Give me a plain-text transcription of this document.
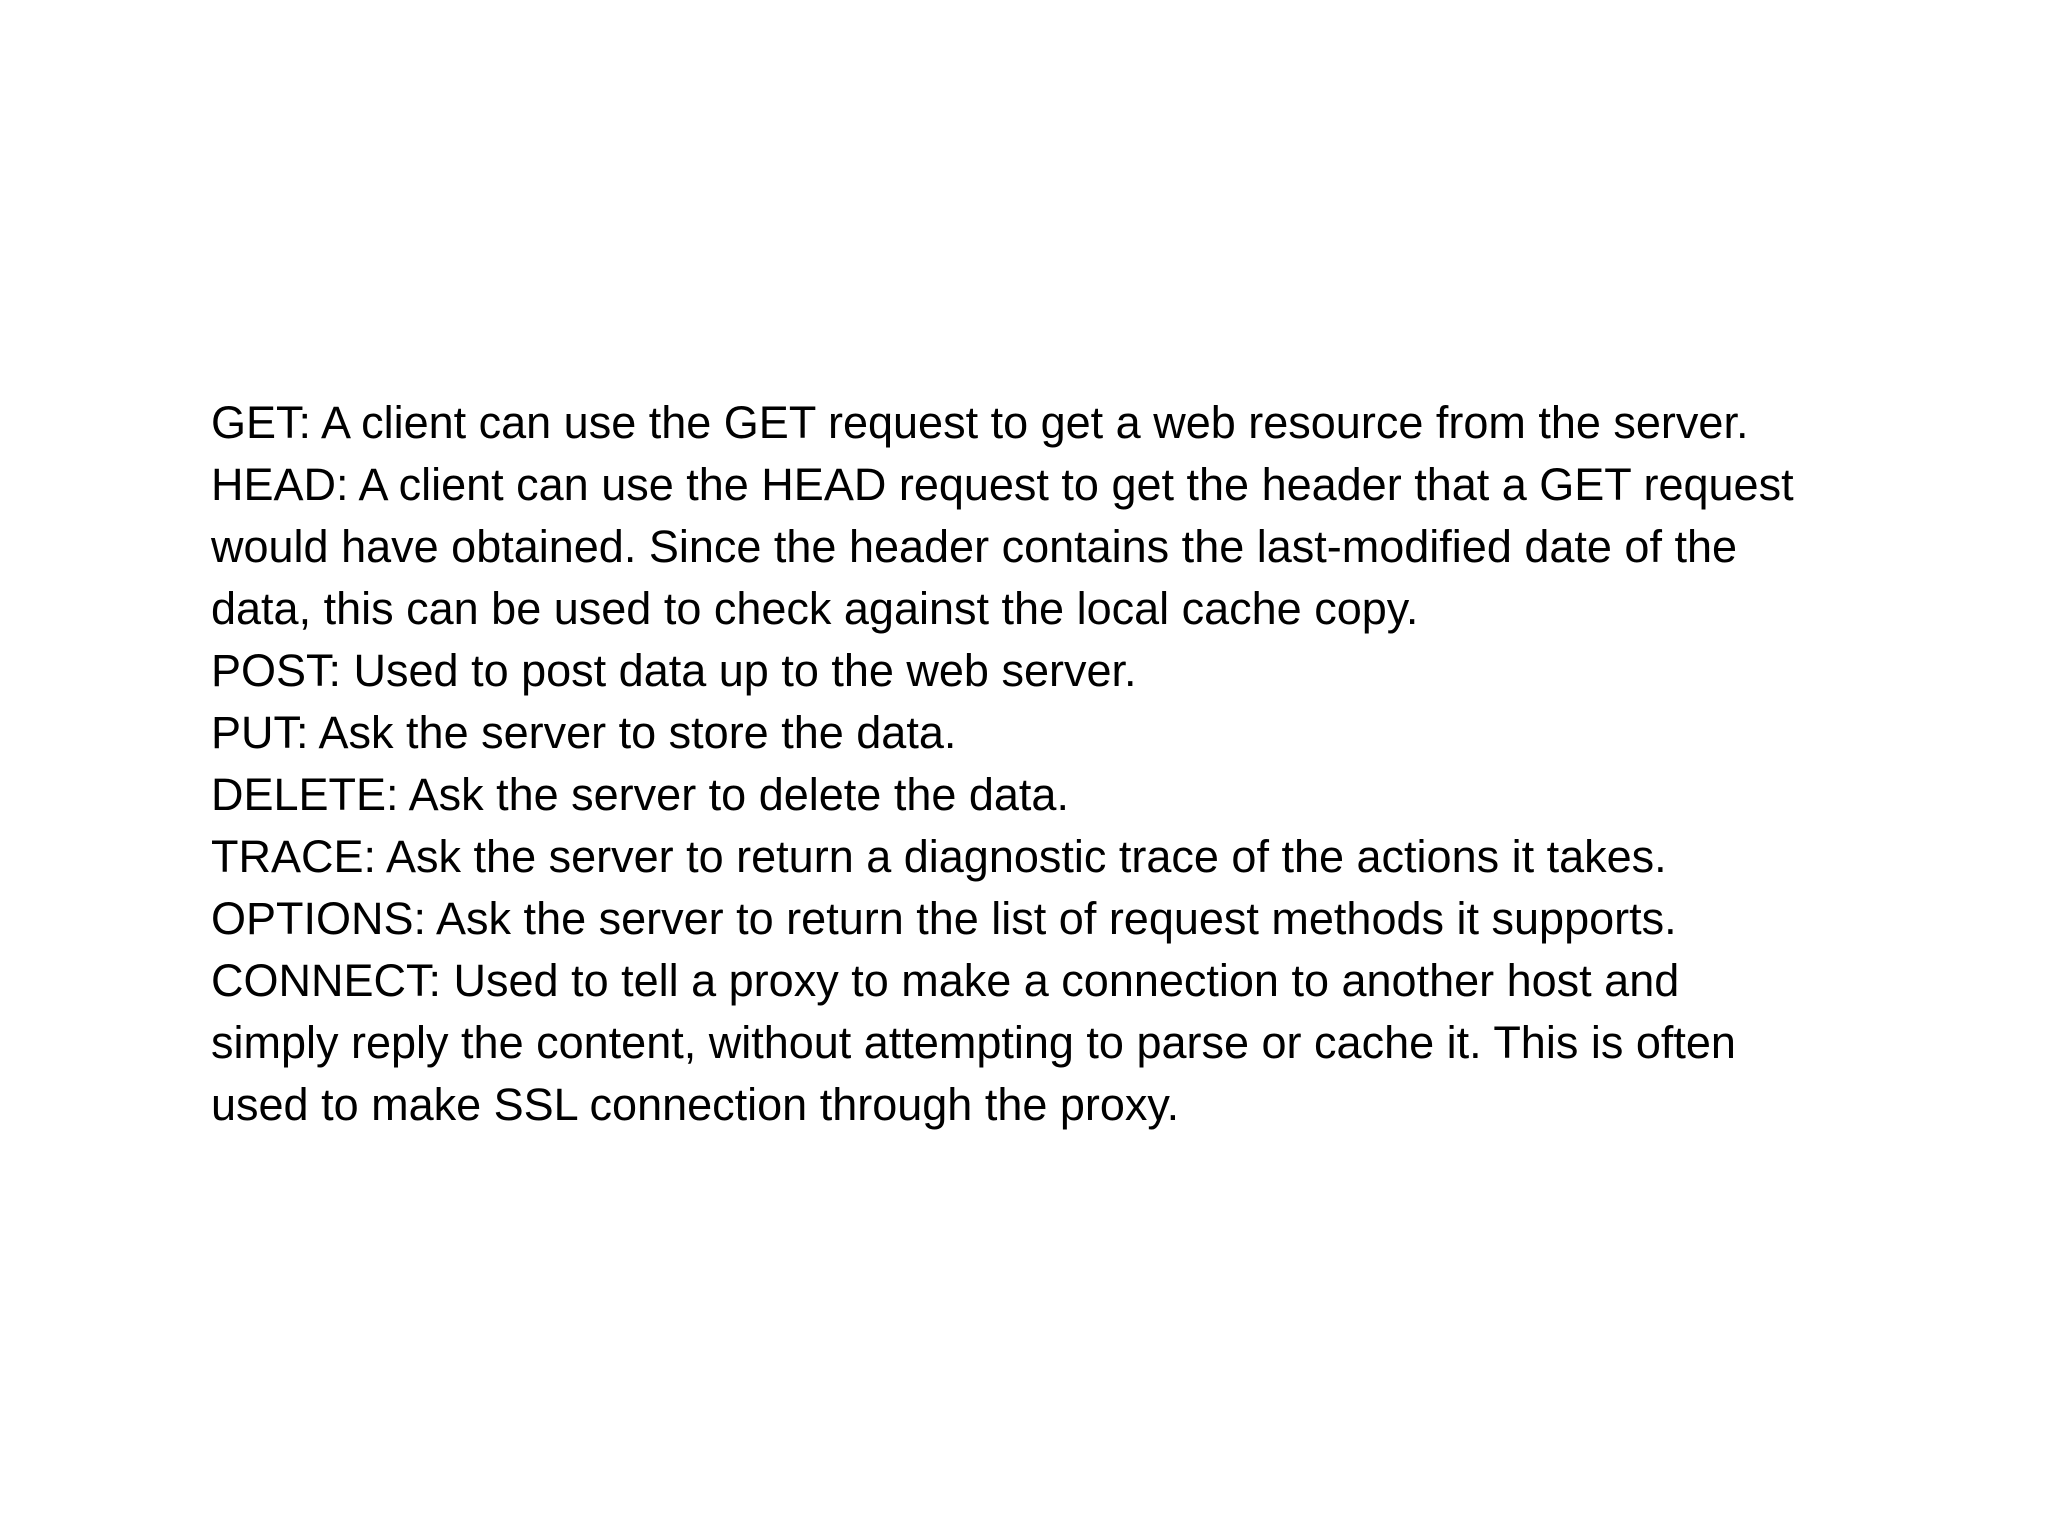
GET: A client can use the GET request to get a web resource from the server.
HEAD: A client can use the HEAD request to get the header that a GET request
would have obtained. Since the header contains the last-modified date of the
data, this can be used to check against the local cache copy.
POST: Used to post data up to the web server.
PUT: Ask the server to store the data.
DELETE: Ask the server to delete the data.
TRACE: Ask the server to return a diagnostic trace of the actions it takes.
OPTIONS: Ask the server to return the list of request methods it supports.
CONNECT: Used to tell a proxy to make a connection to another host and
simply reply the content, without attempting to parse or cache it. This is often
used to make SSL connection through the proxy.
